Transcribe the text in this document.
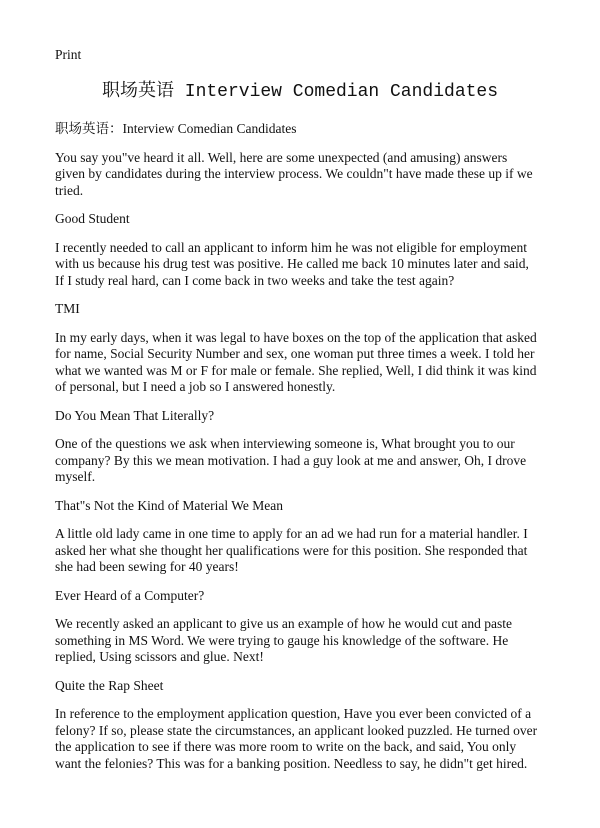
Print
职场英语 Interview Comedian Candidates
职场英语：Interview Comedian Candidates
You say you"ve heard it all. Well, here are some unexpected (and amusing) answers
given by candidates during the interview process. We couldn"t have made these up if we
tried.
Good Student
I recently needed to call an applicant to inform him he was not eligible for employment
with us because his drug test was positive. He called me back 10 minutes later and said,
If I study real hard, can I come back in two weeks and take the test again?
TMI
In my early days, when it was legal to have boxes on the top of the application that asked
for name, Social Security Number and sex, one woman put three times a week. I told her
what we wanted was M or F for male or female. She replied, Well, I did think it was kind
of personal, but I need a job so I answered honestly.
Do You Mean That Literally?
One of the questions we ask when interviewing someone is, What brought you to our
company? By this we mean motivation. I had a guy look at me and answer, Oh, I drove
myself.
That"s Not the Kind of Material We Mean
A little old lady came in one time to apply for an ad we had run for a material handler. I
asked her what she thought her qualifications were for this position. She responded that
she had been sewing for 40 years!
Ever Heard of a Computer?
We recently asked an applicant to give us an example of how he would cut and paste
something in MS Word. We were trying to gauge his knowledge of the software. He
replied, Using scissors and glue. Next!
Quite the Rap Sheet
In reference to the employment application question, Have you ever been convicted of a
felony? If so, please state the circumstances, an applicant looked puzzled. He turned over
the application to see if there was more room to write on the back, and said, You only
want the felonies? This was for a banking position. Needless to say, he didn"t get hired.
